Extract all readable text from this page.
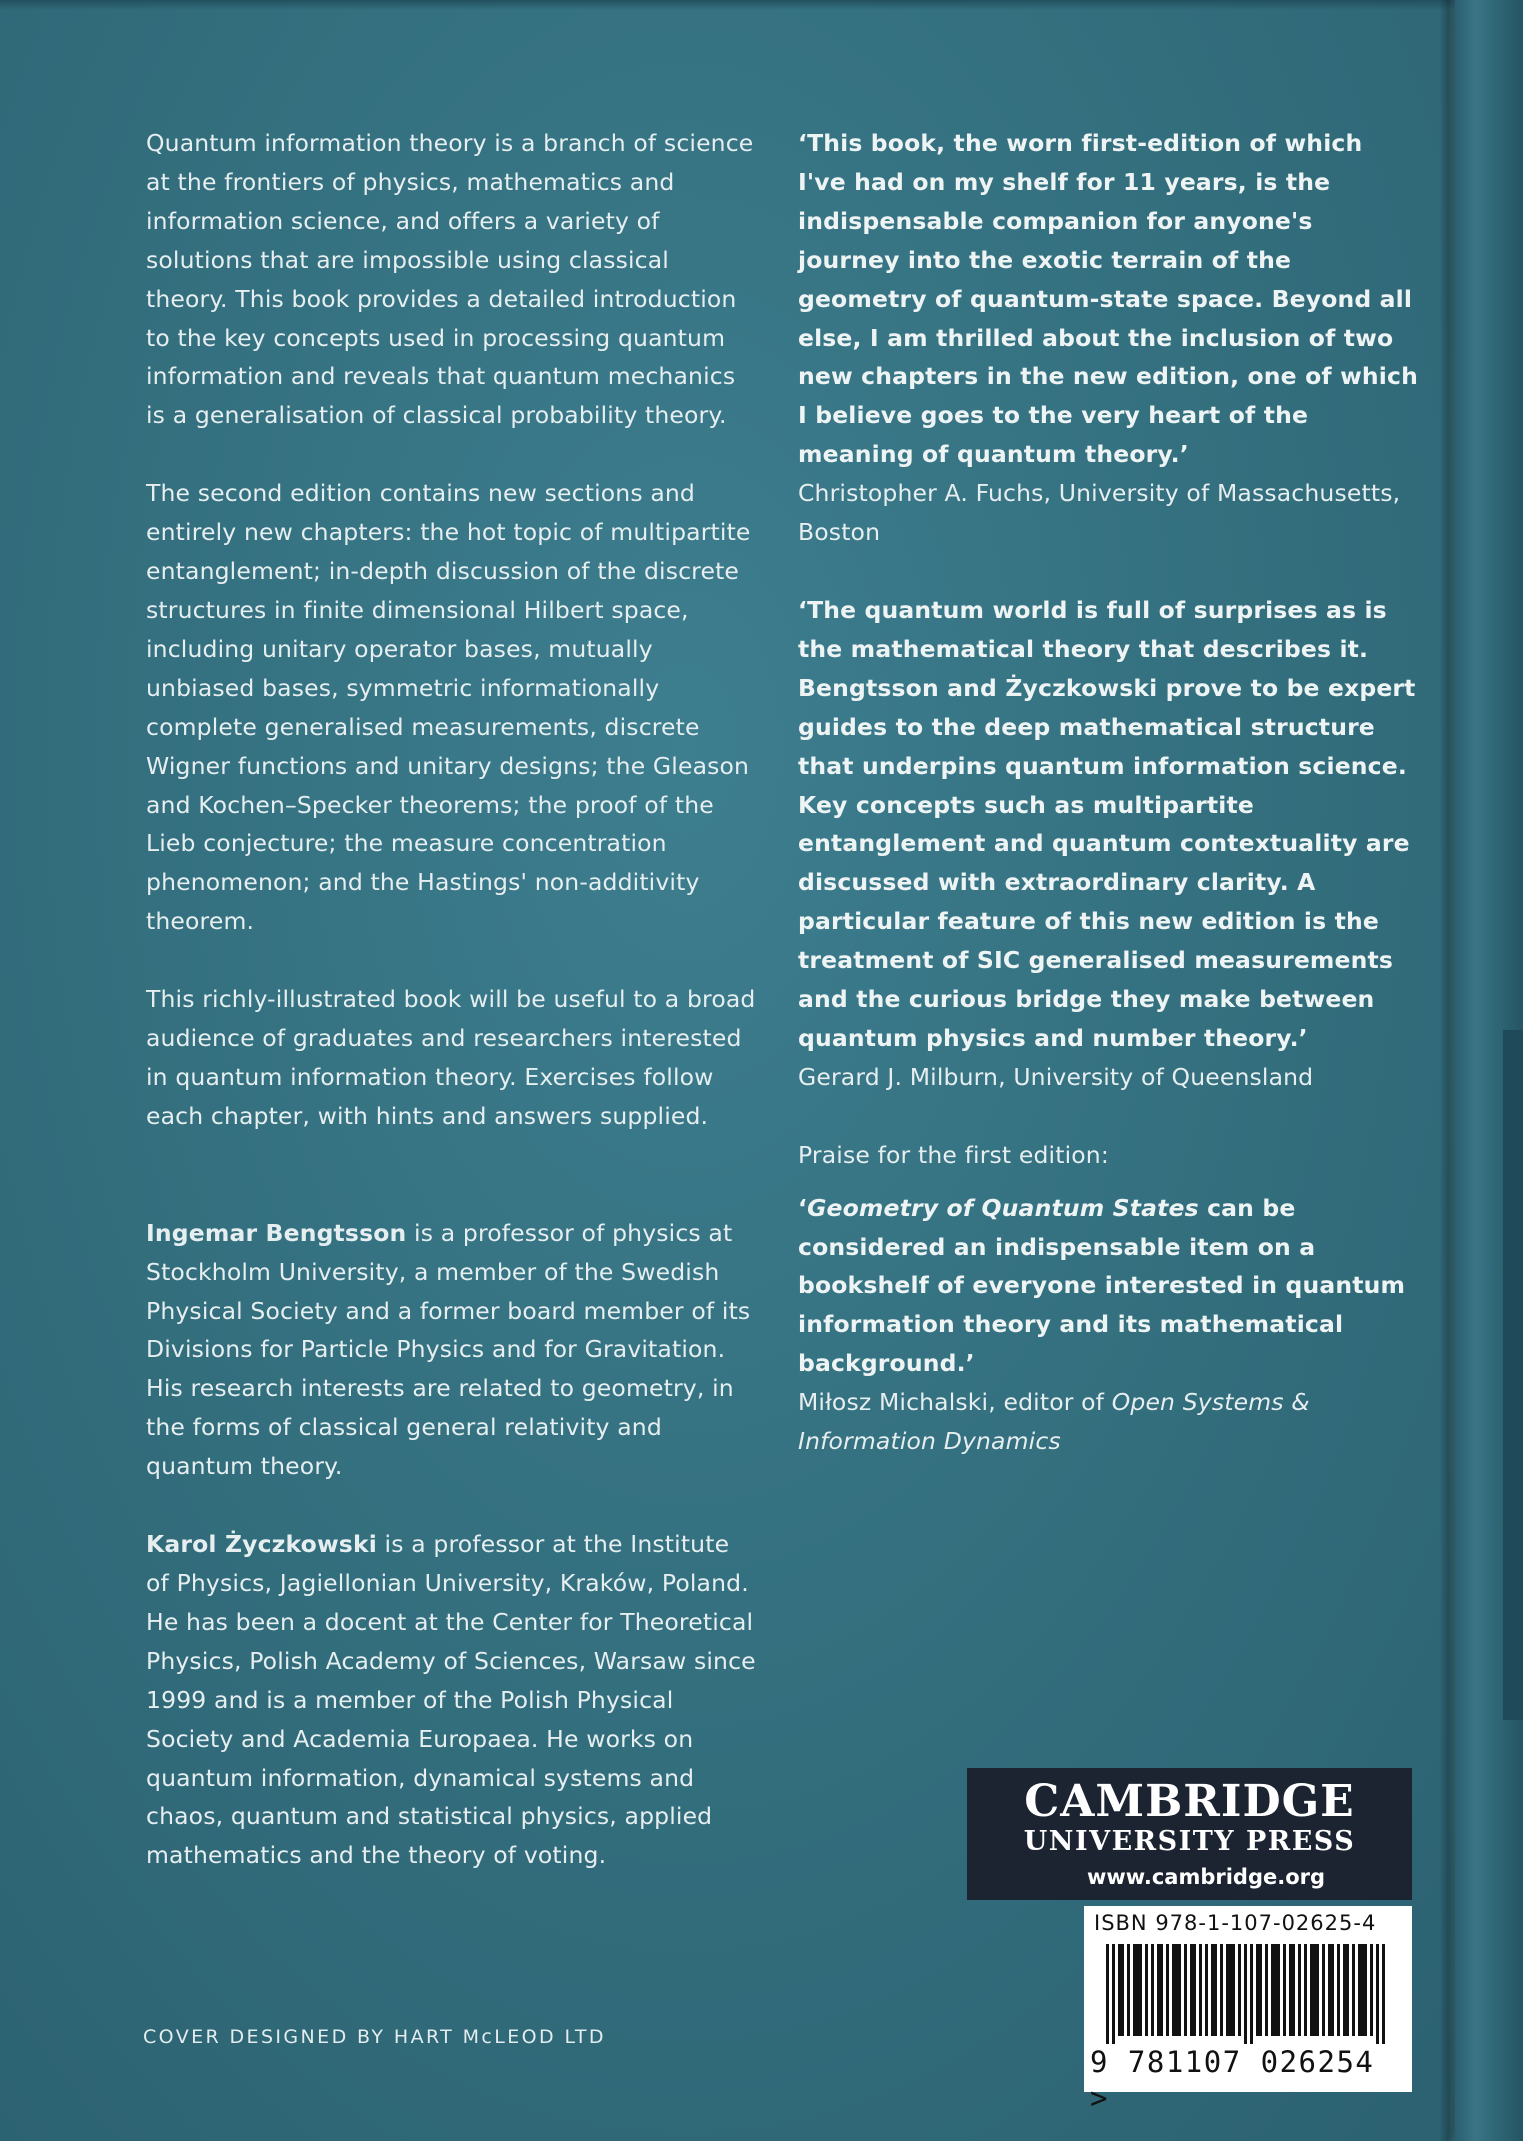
Quantum information theory is a branch of science at the frontiers of physics, mathematics and information science, and offers a variety of solutions that are impossible using classical theory. This book provides a detailed introduction to the key concepts used in processing quantum information and reveals that quantum mechanics is a generalisation of classical probability theory.

The second edition contains new sections and entirely new chapters: the hot topic of multipartite entanglement; in-depth discussion of the discrete structures in finite dimensional Hilbert space, including unitary operator bases, mutually unbiased bases, symmetric informationally complete generalised measurements, discrete Wigner functions and unitary designs; the Gleason and Kochen–Specker theorems; the proof of the Lieb conjecture; the measure concentration phenomenon; and the Hastings' non-additivity theorem.

This richly-illustrated book will be useful to a broad audience of graduates and researchers interested in quantum information theory. Exercises follow each chapter, with hints and answers supplied.

Ingemar Bengtsson is a professor of physics at Stockholm University, a member of the Swedish Physical Society and a former board member of its Divisions for Particle Physics and for Gravitation. His research interests are related to geometry, in the forms of classical general relativity and quantum theory.

Karol Życzkowski is a professor at the Institute of Physics, Jagiellonian University, Kraków, Poland. He has been a docent at the Center for Theoretical Physics, Polish Academy of Sciences, Warsaw since 1999 and is a member of the Polish Physical Society and Academia Europaea. He works on quantum information, dynamical systems and chaos, quantum and statistical physics, applied mathematics and the theory of voting.

‘This book, the worn first-edition of which I've had on my shelf for 11 years, is the indispensable companion for anyone's journey into the exotic terrain of the geometry of quantum-state space. Beyond all else, I am thrilled about the inclusion of two new chapters in the new edition, one of which I believe goes to the very heart of the meaning of quantum theory.’

Christopher A. Fuchs, University of Massachusetts, Boston

‘The quantum world is full of surprises as is the mathematical theory that describes it. Bengtsson and Życzkowski prove to be expert guides to the deep mathematical structure that underpins quantum information science. Key concepts such as multipartite entanglement and quantum contextuality are discussed with extraordinary clarity. A particular feature of this new edition is the treatment of SIC generalised measurements and the curious bridge they make between quantum physics and number theory.’

Gerard J. Milburn, University of Queensland

Praise for the first edition:

‘Geometry of Quantum States can be considered an indispensable item on a bookshelf of everyone interested in quantum information theory and its mathematical background.’

Miłosz Michalski, editor of Open Systems & Information Dynamics

COVER DESIGNED BY HART McLEOD LTD
CAMBRIDGE
UNIVERSITY PRESS
www.cambridge.org
ISBN 978-1-107-02625-4
9 781107 026254 >
